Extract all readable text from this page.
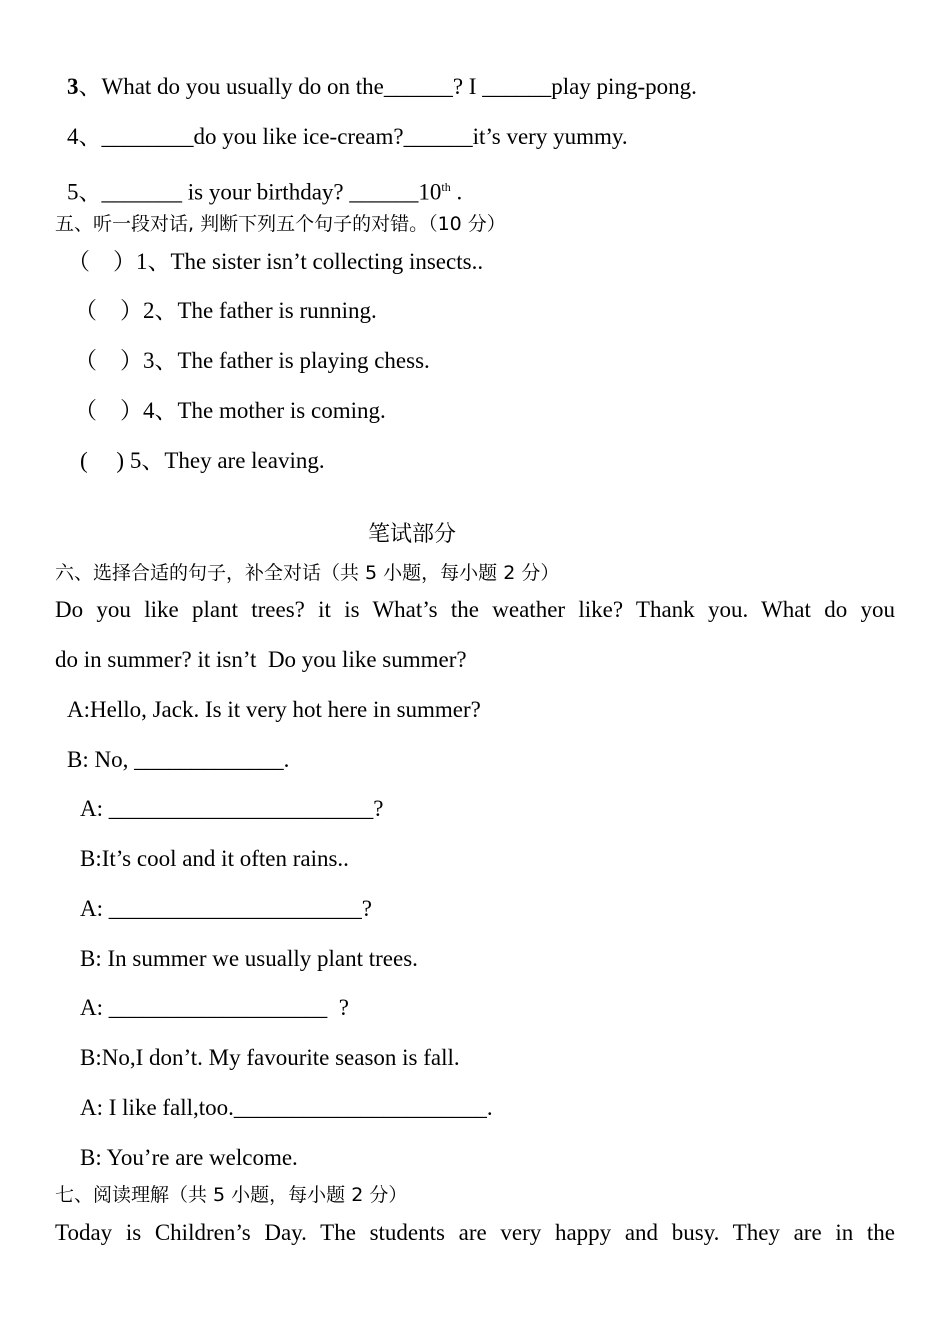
3、What do you usually do on the______? I ______play ping-pong.
4、________do you like ice-cream?______it’s very yummy.
5、_______ is your birthday? ______10th .
五、听一段对话, 判断下列五个句子的对错。（10 分）
（    ）1、The sister isn’t collecting insects..
（    ）2、The father is running.
（    ）3、The father is playing chess.
（    ）4、The mother is coming.
(     ) 5、They are leaving.
笔试部分
六、选择合适的句子，补全对话（共 5 小题，每小题 2 分）
Do you like plant trees? it is What’s the weather like? Thank you. What do you
do in summer? it isn’t  Do you like summer?
A:Hello, Jack. Is it very hot here in summer?
B: No, _____________.
A: _______________________?
B:It’s cool and it often rains..
A: ______________________?
B: In summer we usually plant trees.
A: ___________________  ?
B:No,I don’t. My favourite season is fall.
A: I like fall,too.______________________.
B: You’re are welcome.
七、阅读理解（共 5 小题，每小题 2 分）
Today is Children’s Day. The students are very happy and busy. They are in the
